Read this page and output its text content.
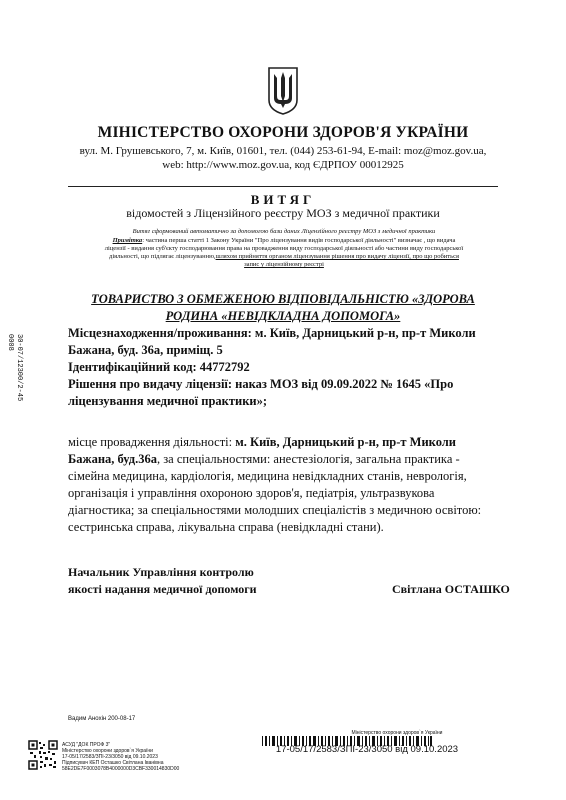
МІНІСТЕРСТВО ОХОРОНИ ЗДОРОВ'Я УКРАЇНИ
вул. М. Грушевського, 7, м. Київ, 01601, тел. (044) 253-61-94, E-mail: moz@moz.gov.ua,
web: http://www.moz.gov.ua, код ЄДРПОУ 00012925
ВИТЯГ
відомостей з Ліцензійного реєстру МОЗ з медичної практики
Витяг сформований автоматично за допомогою бази даних Ліцензійного реєстру МОЗ з медичної практики
Примітка: частина перша статті 1 Закону України "Про ліцензування видів господарської діяльності" визначає , що видача
ліцензії - видання суб'єкту господарювання права на провадження виду господарської діяльності або частини виду господарської
діяльності, що підлягає ліцензуванню,шляхом прийняття органом ліцензування рішення про видачу ліцензії, про що робиться
запис у ліцензійному реєстрі
ТОВАРИСТВО З ОБМЕЖЕНОЮ ВІДПОВІДАЛЬНІСТЮ «ЗДОРОВА
РОДИНА «НЕВІДКЛАДНА ДОПОМОГА»
Місцезнаходження/проживання: м. Київ, Дарницький р-н, пр-т Миколи
Бажана, буд. 36а, приміщ. 5
Ідентифікаційний код: 44772792
Рішення про видачу ліцензії: наказ МОЗ від 09.09.2022 № 1645 «Про
ліцензування медичної практики»;
місце провадження діяльності: м. Київ, Дарницький р-н, пр-т Миколи
Бажана, буд.36а, за спеціальностями: анестезіологія, загальна практика -
сімейна медицина, кардіологія, медицина невідкладних станів, неврологія,
організація і управління охороною здоров'я, педіатрія, ультразвукова
діагностика; за спеціальностями молодших спеціалістів з медичною освітою:
сестринська справа, лікувальна справа (невідкладні стани).
Начальник Управління контролю
якості надання медичної допомоги	Світлана ОСТАШКО
30-07/12300/2-45
0008
Вадим Анохін 200-08-17
АСУД "ДОК ПРОФ 3"
Міністерство охорони здоров`я України
17-05/17/2583/ЗПІ-23/3050 від 09.10.2023
Підписувач КЕП Осташко Світлана Іванівна
58E2DE7F0003078B4000000D3CBF330014830D00
Міністерство охорони здоров`я України
17-05/17/2583/ЗПІ-23/3050 від 09.10.2023
